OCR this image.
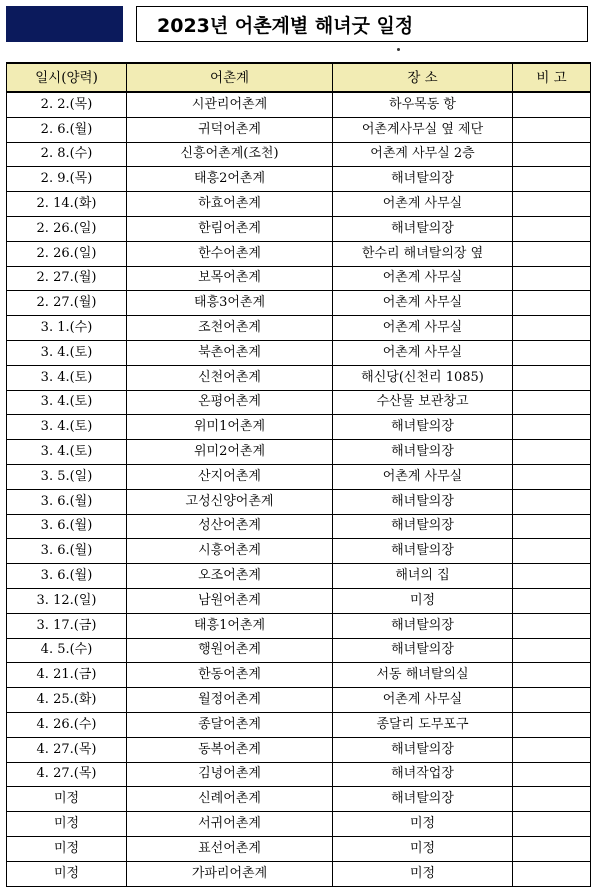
2023년 어촌계별 해녀굿 일정
일시(양력)	어촌계	장 소	비 고
2. 2.(목)	시관리어촌계	하우목동 항	
2. 6.(월)	귀덕어촌계	어촌계사무실 옆 제단	
2. 8.(수)	신흥어촌계(조천)	어촌계 사무실 2층	
2. 9.(목)	태흥2어촌계	해녀탈의장	
2. 14.(화)	하효어촌계	어촌계 사무실	
2. 26.(일)	한림어촌계	해녀탈의장	
2. 26.(일)	한수어촌계	한수리 해녀탈의장 옆	
2. 27.(월)	보목어촌계	어촌계 사무실	
2. 27.(월)	태흥3어촌계	어촌계 사무실	
3. 1.(수)	조천어촌계	어촌계 사무실	
3. 4.(토)	북촌어촌계	어촌계 사무실	
3. 4.(토)	신천어촌계	해신당(신천리 1085)	
3. 4.(토)	온평어촌계	수산물 보관창고	
3. 4.(토)	위미1어촌계	해녀탈의장	
3. 4.(토)	위미2어촌계	해녀탈의장	
3. 5.(일)	산지어촌계	어촌계 사무실	
3. 6.(월)	고성신양어촌계	해녀탈의장	
3. 6.(월)	성산어촌계	해녀탈의장	
3. 6.(월)	시흥어촌계	해녀탈의장	
3. 6.(월)	오조어촌계	해녀의 집	
3. 12.(일)	남원어촌계	미정	
3. 17.(금)	태흥1어촌계	해녀탈의장	
4. 5.(수)	행원어촌계	해녀탈의장	
4. 21.(금)	한동어촌계	서동 해녀탈의실	
4. 25.(화)	월정어촌계	어촌계 사무실	
4. 26.(수)	종달어촌계	종달리 도무포구	
4. 27.(목)	동복어촌계	해녀탈의장	
4. 27.(목)	김녕어촌계	해녀작업장	
미정	신례어촌계	해녀탈의장	
미정	서귀어촌계	미정	
미정	표선어촌계	미정	
미정	가파리어촌계	미정	
